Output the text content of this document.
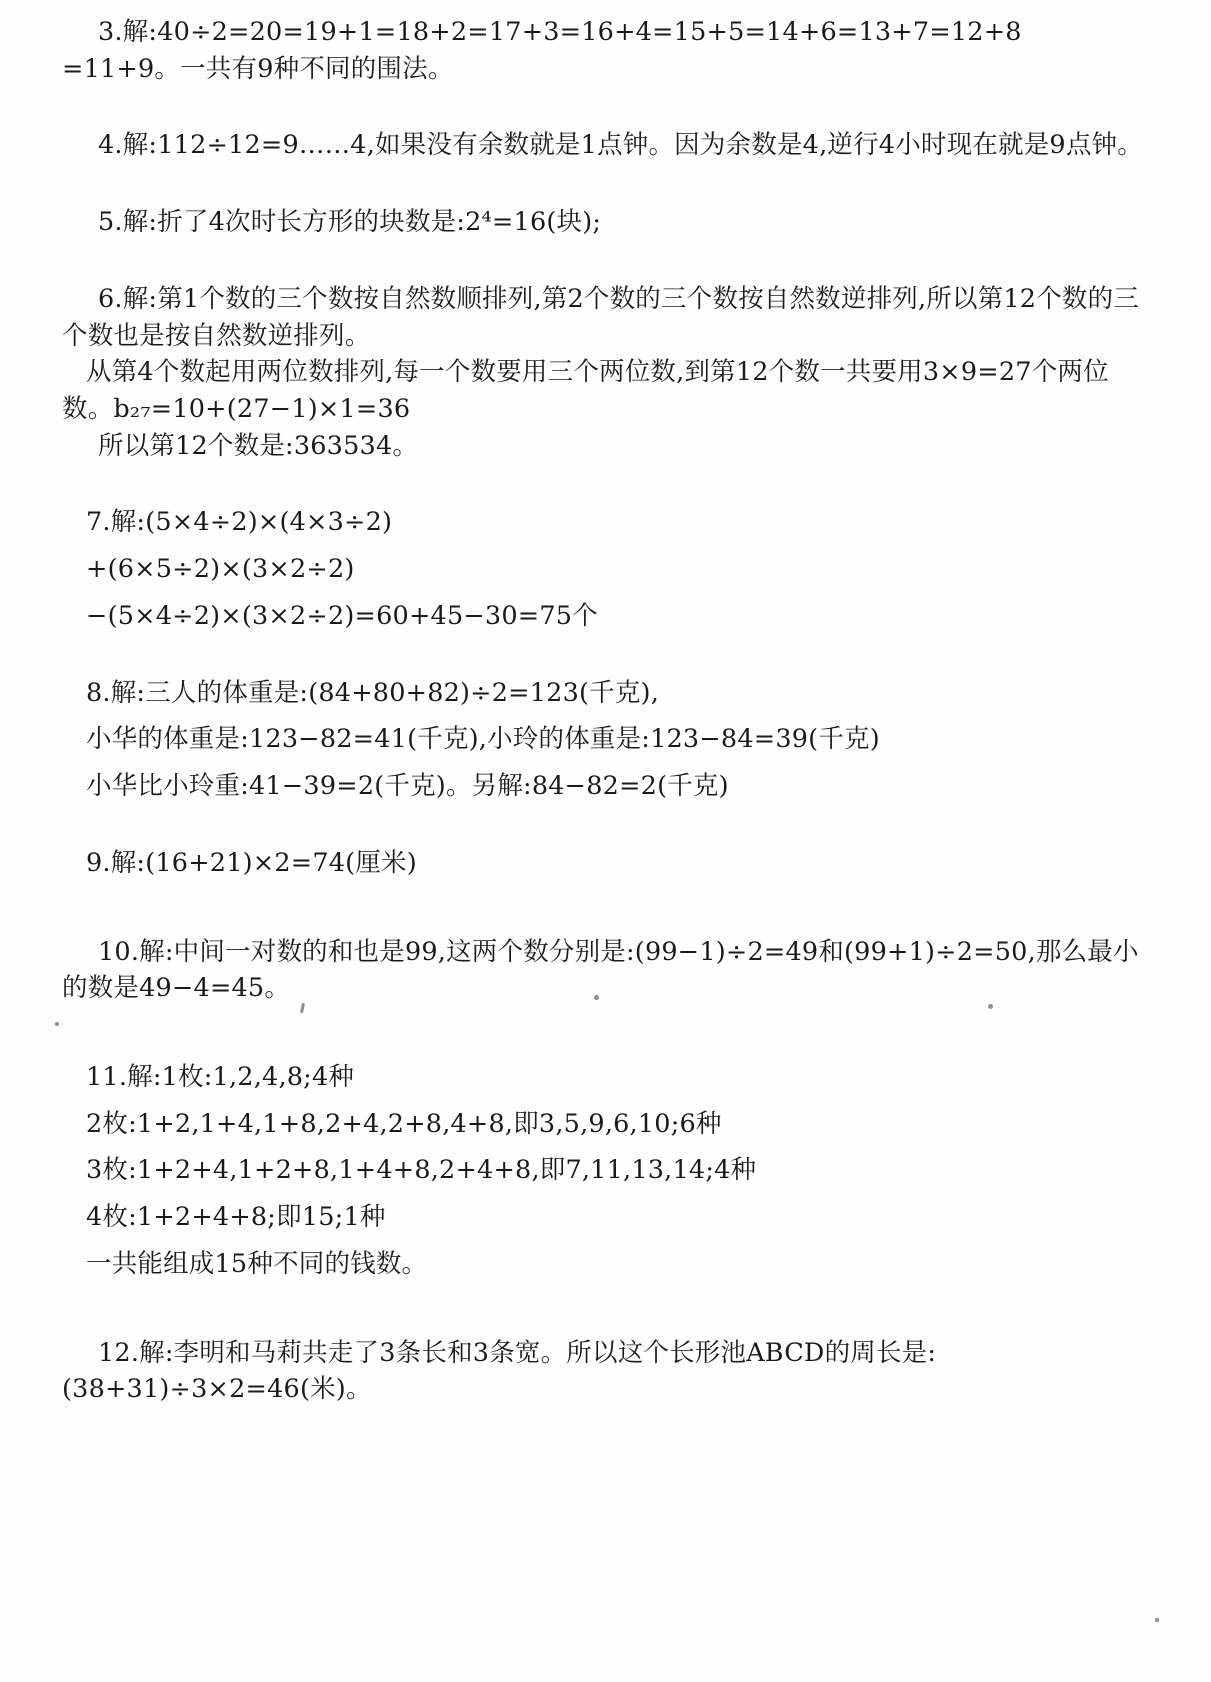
3.解:40÷2=20=19+1=18+2=17+3=16+4=15+5=14+6=13+7=12+8
=11+9。一共有9种不同的围法。
4.解:112÷12=9……4,如果没有余数就是1点钟。因为余数是4,逆行4小时现在就是9点钟。
5.解:折了4次时长方形的块数是:2⁴=16(块);
6.解:第1个数的三个数按自然数顺排列,第2个数的三个数按自然数逆排列,所以第12个数的三个数也是按自然数逆排列。
从第4个数起用两位数排列,每一个数要用三个两位数,到第12个数一共要用3×9=27个两位数。b₂₇=10+(27−1)×1=36
所以第12个数是:363534。
7.解:(5×4÷2)×(4×3÷2)
+(6×5÷2)×(3×2÷2)
−(5×4÷2)×(3×2÷2)=60+45−30=75个
8.解:三人的体重是:(84+80+82)÷2=123(千克),
小华的体重是:123−82=41(千克),小玲的体重是:123−84=39(千克)
小华比小玲重:41−39=2(千克)。另解:84−82=2(千克)
9.解:(16+21)×2=74(厘米)
10.解:中间一对数的和也是99,这两个数分别是:(99−1)÷2=49和(99+1)÷2=50,那么最小的数是49−4=45。
11.解:1枚:1,2,4,8;4种
2枚:1+2,1+4,1+8,2+4,2+8,4+8,即3,5,9,6,10;6种
3枚:1+2+4,1+2+8,1+4+8,2+4+8,即7,11,13,14;4种
4枚:1+2+4+8;即15;1种
一共能组成15种不同的钱数。
12.解:李明和马莉共走了3条长和3条宽。所以这个长形池ABCD的周长是:(38+31)÷3×2=46(米)。
